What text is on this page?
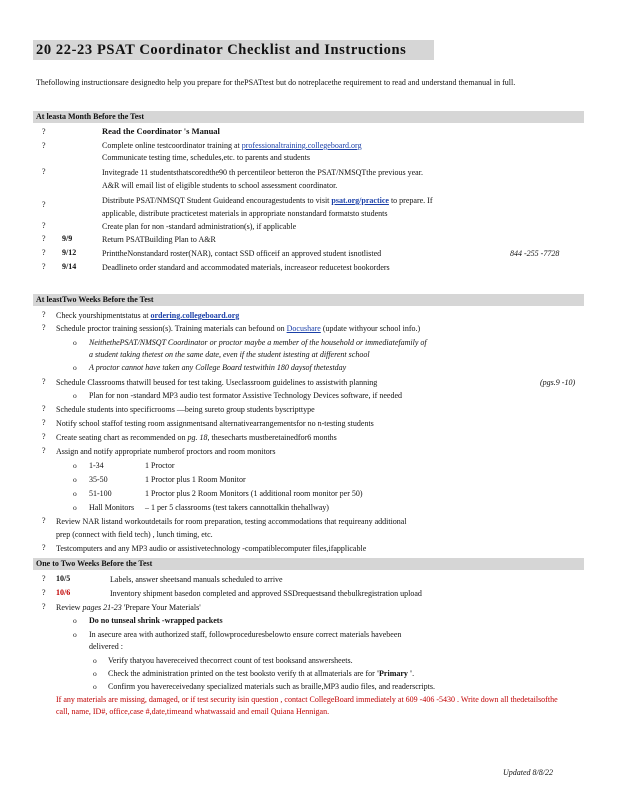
20 22-23 PSAT Coordinator Checklist and Instructions
Thefollowing instructionsare designedto help you prepare for thePSATtest but do notreplacethe requirement to read and understand themanual in full.
At leasta Month Before the Test
?	Read the Coordinator 's Manual
?	Complete online testcoordinator training at professionaltraining.collegeboard.org
Communicate testing time, schedules,etc. to parents and students
?	Invitegrade 11 studentsthatscoredthe90 th percentileor betteron the PSAT/NMSQTthe previous year.
A&R will email list of eligible students to school assessment coordinator.
?	Distribute PSAT/NMSQT Student Guideand encouragestudents to visit psat.org/practice to prepare. If
applicable, distribute practicetest materials in appropriate nonstandard formatsto students
?	Create plan for non -standard administration(s), if applicable
? 9/9	Return PSATBuilding Plan to A&R
? 9/12	PrinttheNonstandard roster(NAR), contact SSD officeif an approved student isnotlisted	844 -255 -7728
? 9/14	Deadlineto order standard and accommodated materials, increaseor reducetest bookorders
At leastTwo Weeks Before the Test
? Check yourshipmentstatus at ordering.collegeboard.org
? Schedule proctor training session(s). Training materials can befound on Docushare (update withyour school info.)
o NeithethePSAT/NMSQT Coordinator or proctor maybe a member of the household or immediatefamily of
a student taking thetest on the same date, even if the student istesting at different school
o A proctor cannot have taken any College Board testwithin 180 daysof thetestday
? Schedule Classrooms thatwill beused for test taking. Useclassroom guidelines to assistwith planning	(pgs.9 -10)
o Plan for non -standard MP3 audio test formator Assistive Technology Devices software, if needed
? Schedule students into specificrooms —being sureto group students byscripttype
? Notify school staffof testing room assignmentsand alternativearrangementsfor no n-testing students
? Create seating chart as recommended on pg. 18, thesecharts mustberetainedfor6 months
? Assign and notify appropriate numberof proctors and room monitors
o 1-34	1 Proctor
o 35-50	1 Proctor plus 1 Room Monitor
o 51-100	1 Proctor plus 2 Room Monitors (1 additional room monitor per 50)
o Hall Monitors – 1 per 5 classrooms (test takers cannottalkin thehallway)
? Review NAR listand workoutdetails for room preparation, testing accommodations that requireany additional
prep (connect with field tech) , lunch timing, etc.
? Testcomputers and any MP3 audio or assistivetechnology -compatiblecomputer files,ifapplicable
One to Two Weeks Before the Test
? 10/5	Labels, answer sheetsand manuals scheduled to arrive
? 10/6	Inventory shipment basedon completed and approved SSDrequestsand thebulkregistration upload
? Review pages 21-23 'Prepare Your Materials'
o Do no tunseal shrink -wrapped packets
o In asecure area with authorized staff, followproceduresbelowto ensure correct materials havebeen
delivered :
o Verify thatyou havereceived thecorrect count of test booksand answersheets.
o Check the administration printed on the test booksto verify th at allmaterials are for 'Primary '.
o Confirm you havereceivedany specialized materials such as braille,MP3 audio files, and readerscripts.
If any materials are missing, damaged, or if test security isin question , contact CollegeBoard immediately at 609 -406 -5430 . Write down all thedetailsofthe call, name, ID#, office,case #,date,timeand whatwassaid and email Quiana Hennigan.
Updated 8/8/22
